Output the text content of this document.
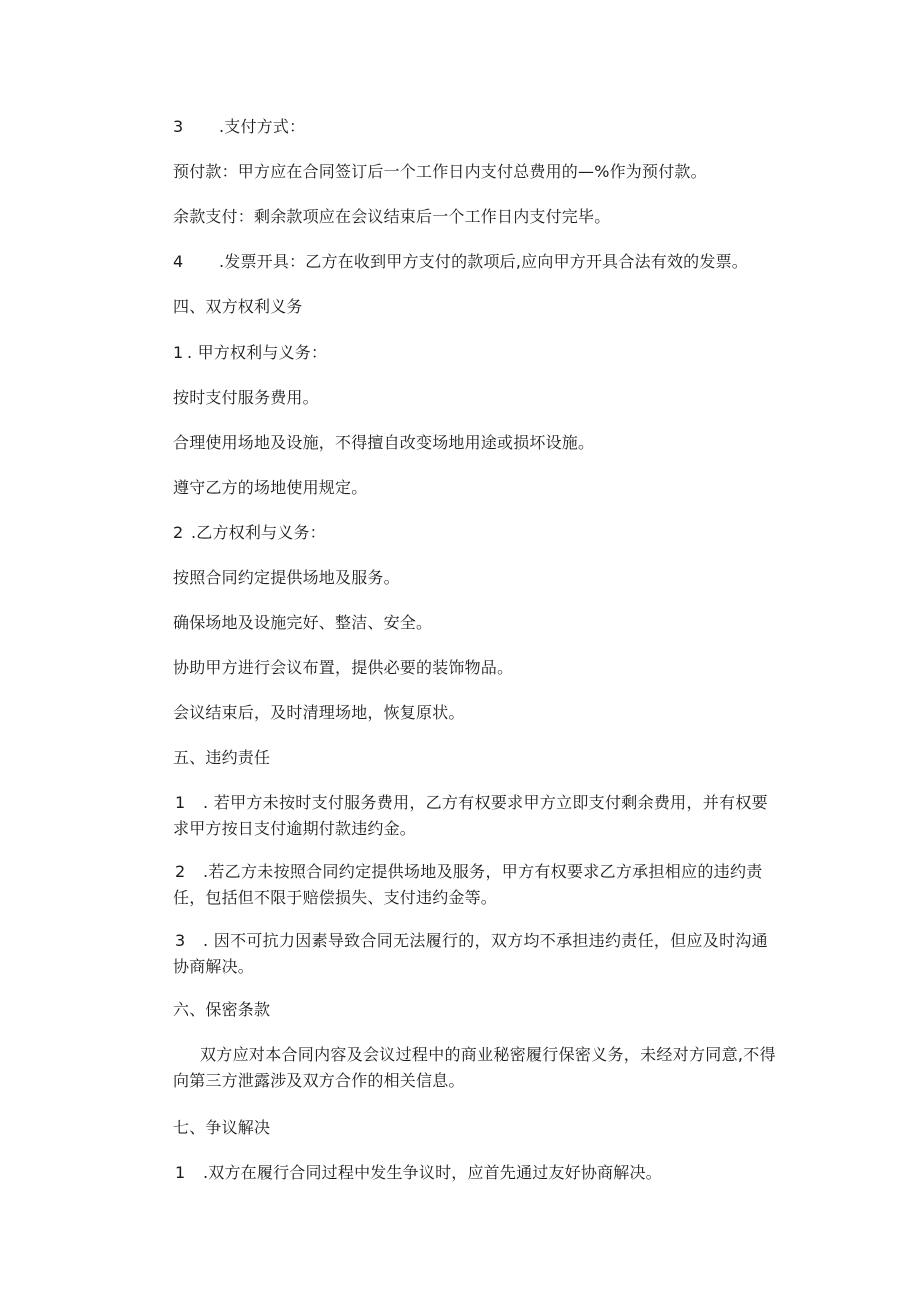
3 .支付方式：
预付款：甲方应在合同签订后一个工作日内支付总费用的—%作为预付款。
余款支付：剩余款项应在会议结束后一个工作日内支付完毕。
4 .发票开具：乙方在收到甲方支付的款项后,应向甲方开具合法有效的发票。
四、双方权利义务
1 . 甲方权利与义务：
按时支付服务费用。
合理使用场地及设施，不得擅自改变场地用途或损坏设施。
遵守乙方的场地使用规定。
2 .乙方权利与义务：
按照合同约定提供场地及服务。
确保场地及设施完好、整洁、安全。
协助甲方进行会议布置，提供必要的装饰物品。
会议结束后，及时清理场地，恢复原状。
五、违约责任
1 . 若甲方未按时支付服务费用，乙方有权要求甲方立即支付剩余费用，并有权要
求甲方按日支付逾期付款违约金。
2 .若乙方未按照合同约定提供场地及服务，甲方有权要求乙方承担相应的违约责
任，包括但不限于赔偿损失、支付违约金等。
3 . 因不可抗力因素导致合同无法履行的，双方均不承担违约责任，但应及时沟通
协商解决。
六、保密条款
双方应对本合同内容及会议过程中的商业秘密履行保密义务，未经对方同意,不得
向第三方泄露涉及双方合作的相关信息。
七、争议解决
1 .双方在履行合同过程中发生争议时，应首先通过友好协商解决。
